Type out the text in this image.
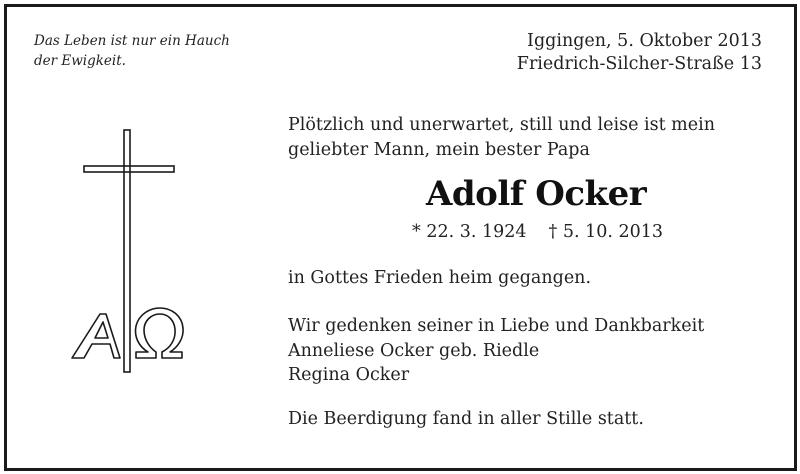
Das Leben ist nur ein Hauch
der Ewigkeit.
Iggingen, 5. Oktober 2013
Friedrich-Silcher-Straße 13
Plötzlich und unerwartet, still und leise ist mein
geliebter Mann, mein bester Papa
Adolf Ocker
* 22. 3. 1924 † 5. 10. 2013
in Gottes Frieden heim gegangen.
Wir gedenken seiner in Liebe und Dankbarkeit
Anneliese Ocker geb. Riedle
Regina Ocker
Die Beerdigung fand in aller Stille statt.
